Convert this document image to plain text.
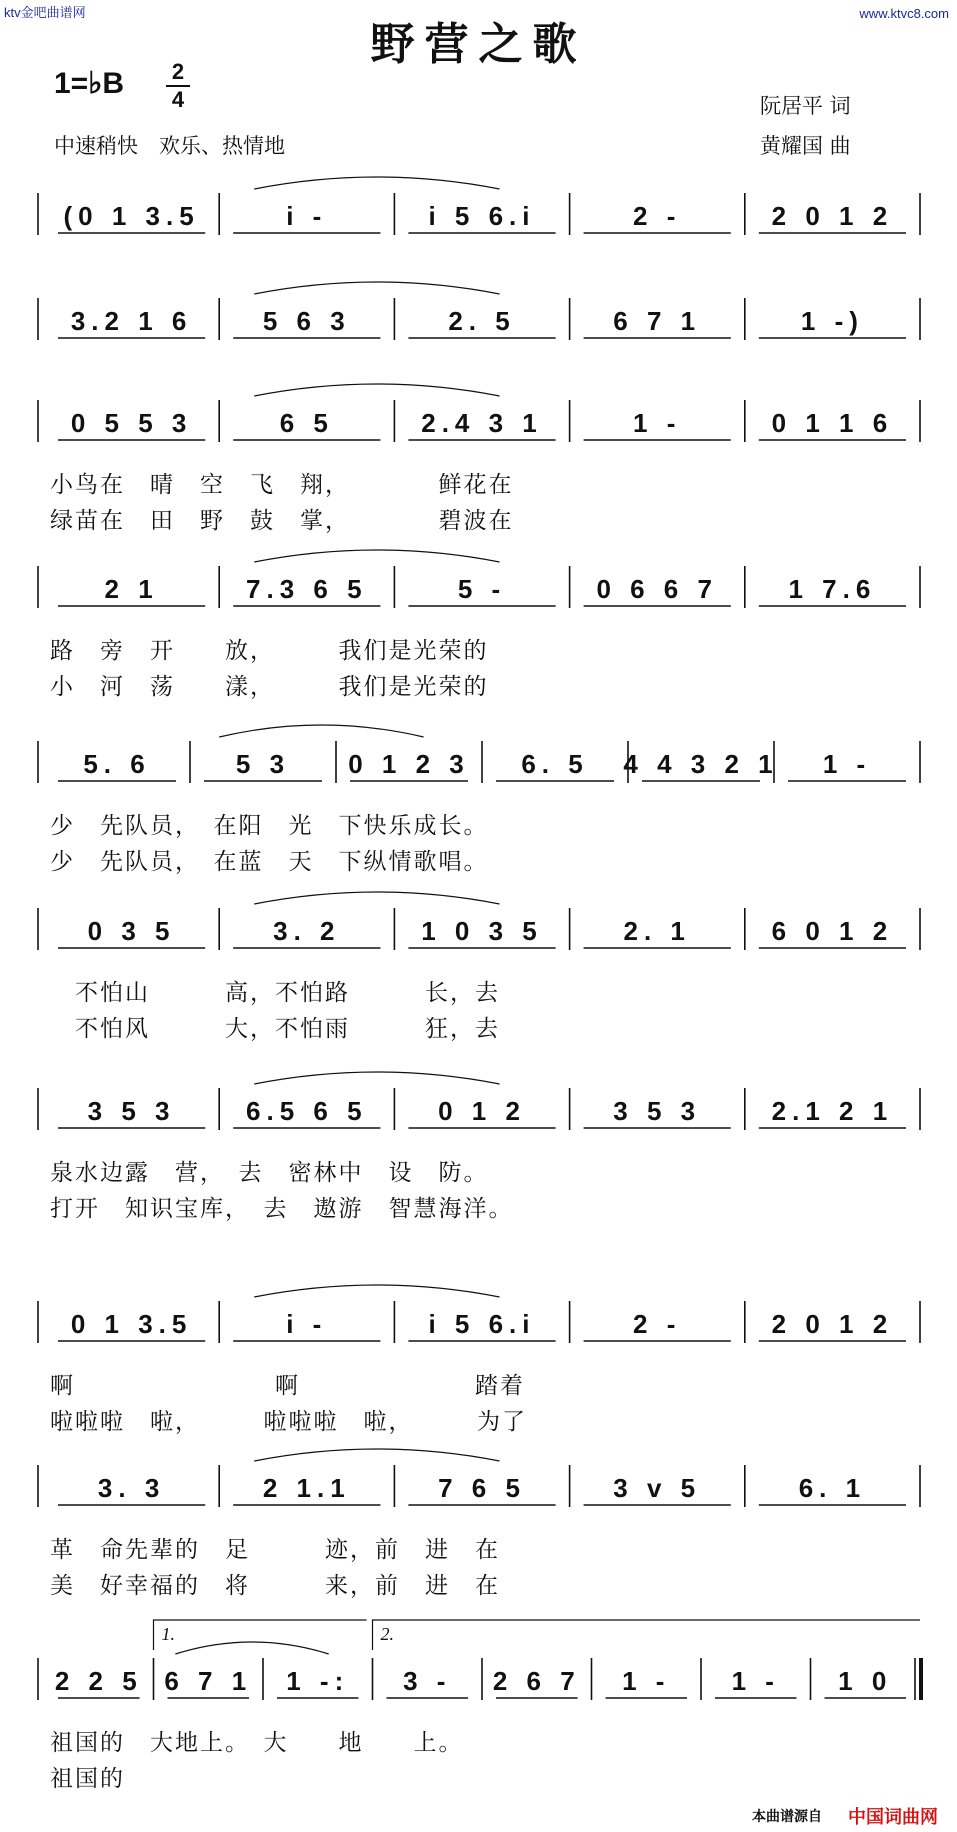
ktv金吧曲谱网	www.ktvc8.com
野营之歌
1=♭B 2
4
中速稍快　欢乐、热情地
阮居平 词
黄耀国 曲
(0 1 3.5	i -	i 5 6.i	2 -	2 0 1 2
3.2 1 6	5 6 3	2. 5	6 7 1	1 -)
0 5 5 3	6 5	2.4 3 1	1 -	0 1 1 6
2 1	7.3 6 5	5 -	0 6 6 7	1 7.6
5. 6	5 3 0 1 2 3 6. 5 4 4 3 2 1 1 -
0 3 5	3. 2	1 0 3 5	2. 1	6 0 1 2
3 5 3	6.5 6 5	0 1 2	3 5 3	2.1 2 1
0 1 3.5	i -	i 5 6.i	2 -	2 0 1 2
3. 3	2 1.1	7 6 5	3 v 5	6. 1
2 2 5 6 7 1 1 -: 3 - 2 6 7 1 - 1 - 1 0
1.	2.
小鸟在　晴　空　飞　翔，　　　　鲜花在
绿苗在　田　野　鼓　掌，　　　　碧波在
路　旁　开　　放，　　　我们是光荣的
小　河　荡　　漾，　　　我们是光荣的
少　先队员，　在阳　光　下快乐成长。
少　先队员，　在蓝　天　下纵情歌唱。
　不怕山　　　高，不怕路　　　长，去
　不怕风　　　大，不怕雨　　　狂，去
泉水边露　营，　去　密林中　设　防。
打开　知识宝库，　去　遨游　智慧海洋。
啊　　　　　　　　啊　　　　　　　踏着
啦啦啦　啦，　　　啦啦啦　啦，　　　为了
革　命先辈的　足　　　迹，前　进　在
美　好幸福的　将　　　来，前　进　在
祖国的　大地上。　大　　地　　上。
祖国的
本曲谱源自 中国词曲网
